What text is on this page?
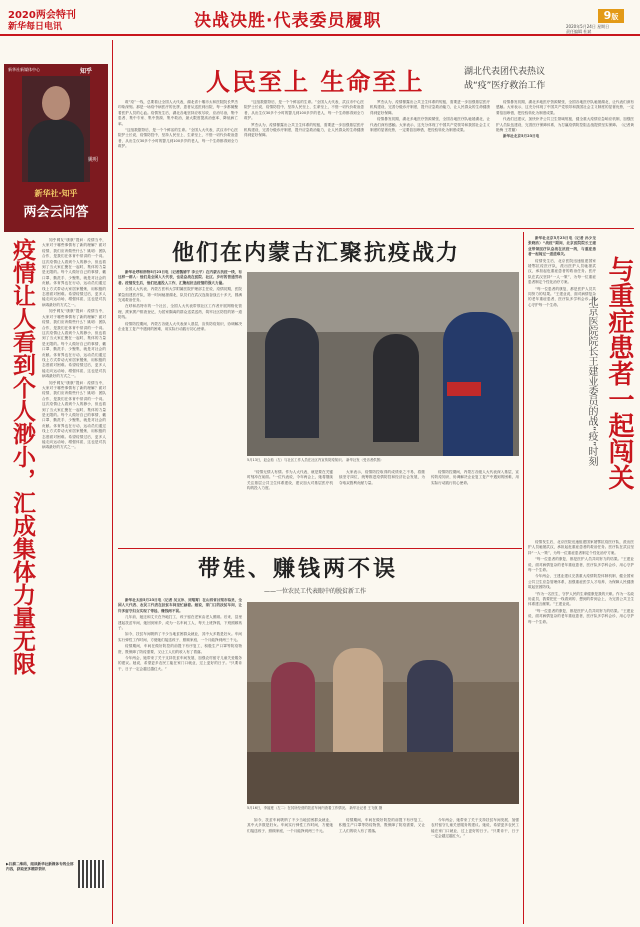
2020两会特刊
新华每日电讯	决战决胜·代表委员履职	9版
2020年5月24日 星期日
责任编辑 杜斌
新华社新媒体中心	知乎
姚明
新华社·知乎
两会云问答
疫情让人看到个人渺小，汇成集体力量无限	知乎网友“康康”提问：疫情当中，大家对于哪些事情有了新的理解？面对疫情，我们应该做些什么？姚明：团队合作，是我们在体育中常讲的一个词。这次疫情让人看到个人的渺小，但也看到了当大家汇聚在一起时，集体的力量是无限的。每个人做好自己的事情，戴口罩、勤洗手、少聚集，就是对社会的贡献。体育界也在行动，运动员们通过线上方式带动大家居家锻炼，用积极的态度面对困难。希望疫情过后，更多人能走向运动场，增强体质，这也是对抗病毒最好的方式之一。

知乎网友“康康”提问：疫情当中，大家对于哪些事情有了新的理解？面对疫情，我们应该做些什么？姚明：团队合作，是我们在体育中常讲的一个词。这次疫情让人看到个人的渺小，但也看到了当大家汇聚在一起时，集体的力量是无限的。每个人做好自己的事情，戴口罩、勤洗手、少聚集，就是对社会的贡献。体育界也在行动，运动员们通过线上方式带动大家居家锻炼，用积极的态度面对困难。希望疫情过后，更多人能走向运动场，增强体质，这也是对抗病毒最好的方式之一。

知乎网友“康康”提问：疫情当中，大家对于哪些事情有了新的理解？面对疫情，我们应该做些什么？姚明：团队合作，是我们在体育中常讲的一个词。这次疫情让人看到个人的渺小，但也看到了当大家汇聚在一起时，集体的力量是无限的。每个人做好自己的事情，戴口罩、勤洗手、少聚集，就是对社会的贡献。体育界也在行动，运动员们通过线上方式带动大家居家锻炼，用积极的态度面对困难。希望疫情过后，更多人能走向运动场，增强体质，这也是对抗病毒最好的方式之一。

▶扫描二维码，阅读新华社新媒体专线全部内容，获取更多精彩资讯
人民至上 生命至上	湖北代表团代表热议
战“疫”医疗救治工作

救“疫”一线，总要看让全国人大代表，湖北省十堰市太和医院院长罗杰印象深刻。那是一场疫中病医疗的比拼，患者从送医到出院，每一步都凝聚着医护人员的心血。疫情发生后，湖北各地坚持应收尽收、应治尽治，集中患者、集中专家、集中资源、集中救治，最大限度提高治愈率、降低病亡率。

“这组数据背后，是一个个鲜活的生命。”全国人大代表、武汉市中心医院护士长说，疫情防控中，坚持人民至上、生命至上，不惜一切代价救治患者，从出生仅30多个小时的婴儿到100多岁的老人，每一个生命都得到全力救护。

“这组数据背后，是一个个鲜活的生命。”全国人大代表、武汉市中心医院护士长说，疫情防控中，坚持人民至上、生命至上，不惜一切代价救治患者，从出生仅30多个小时的婴儿到100多岁的老人，每一个生命都得到全力救护。

罗杰认为，疫情暴露出公共卫生体系的短板，需要进一步加强基层医疗机构建设，完善分级诊疗制度，提升应急救治能力，让人民群众的生命健康得到更好保障。

罗杰认为，疫情暴露出公共卫生体系的短板，需要进一步加强基层医疗机构建设，完善分级诊疗制度，提升应急救治能力，让人民群众的生命健康得到更好保障。

疫情暴发初期，湖北多地医疗资源紧张，全国各地医疗队驰援湖北，让代表们深有感触。大家表示，这充分体现了中国共产党领导和我国社会主义制度的显著优势，一定要倍加珍惜，把经验转化为制度成果。

疫情暴发初期，湖北多地医疗资源紧张，全国各地医疗队驰援湖北，让代表们深有感触。大家表示，这充分体现了中国共产党领导和我国社会主义制度的显著优势，一定要倍加珍惜，把经验转化为制度成果。

代表们还建议，加快补齐公共卫生领域短板，健全重大疫情应急响应机制，加强医护人员队伍建设，完善医疗保障体系，为打赢疫情防控阻击战提供坚实保障。（记者黄艳梅 王君璐）

新华社北京5月23日电

他们在内蒙古汇聚抗疫战力

新华社呼和浩特5月23日电（记者魏婧宇 李云平）在内蒙古抗疫一线，有这样一群人：他们是全国人大代表，也是奋战在医院、社区、乡村的普通劳动者。疫情发生后，他们迅速投入工作，汇聚起抗击疫情的强大力量。

全国人大代表、内蒙古医科大学附属医院护理部主任说，疫情初期，医院紧急组建医疗队，第一时间驰援湖北，队员们在武汉连续奋战五十多天，圆满完成救治任务。

在呼和浩特市的一个社区，全国人大代表带领社区工作者开展网格化管理，挨家挨户排查登记，为居家隔离的群众送菜送药，筑牢社区防控的第一道防线。

疫情防控期间，内蒙古各级人大代表深入基层，宣传防疫知识，协调解决企业复工复产中遇到的困难，用实际行动践行初心使命。

5月13日，赵会茹（左）与社区工作人员在社区内宣传防疫知识。 新华社发（受访者供图）

“疫情无情人有情。作为人大代表，就是要在关键时刻冲在前面。”一位代表说，今年两会上，她将继续关注基层公共卫生体系建设，建议加大对基层医疗机构的投入力度。

大家表示，疫情防控取得的成绩来之不易，将继续坚守岗位，统筹推进疫情防控和经济社会发展，为夺取双胜利贡献力量。

疫情防控期间，内蒙古各级人大代表深入基层，宣传防疫知识，协调解决企业复工复产中遇到的困难，用实际行动践行初心使命。

新华社北京5月23日电（记者 孙少龙 张晓洁）“战疫”期间，北京医院院长王建业带领医疗队奋战在抗疫一线，与重症患者一起闯过一道道难关。

疫情发生后，北京医院迅速组建国家援鄂抗疫医疗队，派出医护人员驰援武汉，承担起危重症患者的救治任务。医疗队在武汉坚持“一人一策”，为每一位重症患者制定个性化治疗方案。

“每一位患者的康复，都是医护人员共同努力的结果。”王建业说，面对病情复杂的老年重症患者，医疗队多学科会诊，用心守护每一个生命。	与重症患者一起闯关
北京医院院长王建业委员的战“疫”时刻

疫情发生后，北京医院迅速组建国家援鄂抗疫医疗队，派出医护人员驰援武汉，承担起危重症患者的救治任务。医疗队在武汉坚持“一人一策”，为每一位重症患者制定个性化治疗方案。

“每一位患者的康复，都是医护人员共同努力的结果。”王建业说，面对病情复杂的老年重症患者，医疗队多学科会诊，用心守护每一个生命。

今年两会，王建业建议完善重大疫情防控体制机制，健全国家公共卫生应急管理体系，加强重症医学人才培养，为保障人民健康筑起坚固防线。

“作为一名医生，守护人民的生命健康是我的天职。作为一名政协委员，我要把在一线看到的、想到的带到会上，为完善公共卫生体系建言献策。”王建业说。

“每一位患者的康复，都是医护人员共同努力的结果。”王建业说，面对病情复杂的老年重症患者，医疗队多学科会诊，用心守护每一个生命。

带娃、赚钱两不误
——一位农民工代表眼中的脱贫新工作

新华社太原5月23日电（记者 吴文冲、刘翔霄）在山西省吕梁市临县，全国人大代表、农民工代表在扶贫车间里忙碌着。她说，家门口的扶贫车间，让许多留守妇女实现了带娃、赚钱两不误。

几年前，她还和丈夫在外地打工，孩子留在老家由老人照顾。后来，县里建起扶贫车间，她回到家乡，成为一名车间工人，每天上班挣钱，下班照顾孩子。

如今，扶贫车间吸纳了不少当地贫困群众就业，其中大多数是妇女。车间实行弹性工作时间，方便她们接送孩子、照顾家庭，一个月能挣到两三千元。

疫情期间，车间在做好防控的前提下有序复工，积极生产口罩等防疫物资，既保障了防疫需要，又让工人们的收入有了着落。

今年两会，她带来了关于支持扶贫车间发展、加强农村留守儿童关爱服务的建议。她说，希望更多农民工能在家门口就业，过上更好的日子。“只要肯干，日子一定会越过越红火。”

5月16日，李福莲（左二）在其所经营的扶贫车间内查看工作情况。 新华社记者 王飞航 摄

如今，扶贫车间吸纳了不少当地贫困群众就业，其中大多数是妇女。车间实行弹性工作时间，方便她们接送孩子、照顾家庭，一个月能挣到两三千元。

疫情期间，车间在做好防控的前提下有序复工，积极生产口罩等防疫物资，既保障了防疫需要，又让工人们的收入有了着落。

今年两会，她带来了关于支持扶贫车间发展、加强农村留守儿童关爱服务的建议。她说，希望更多农民工能在家门口就业，过上更好的日子。“只要肯干，日子一定会越过越红火。”
